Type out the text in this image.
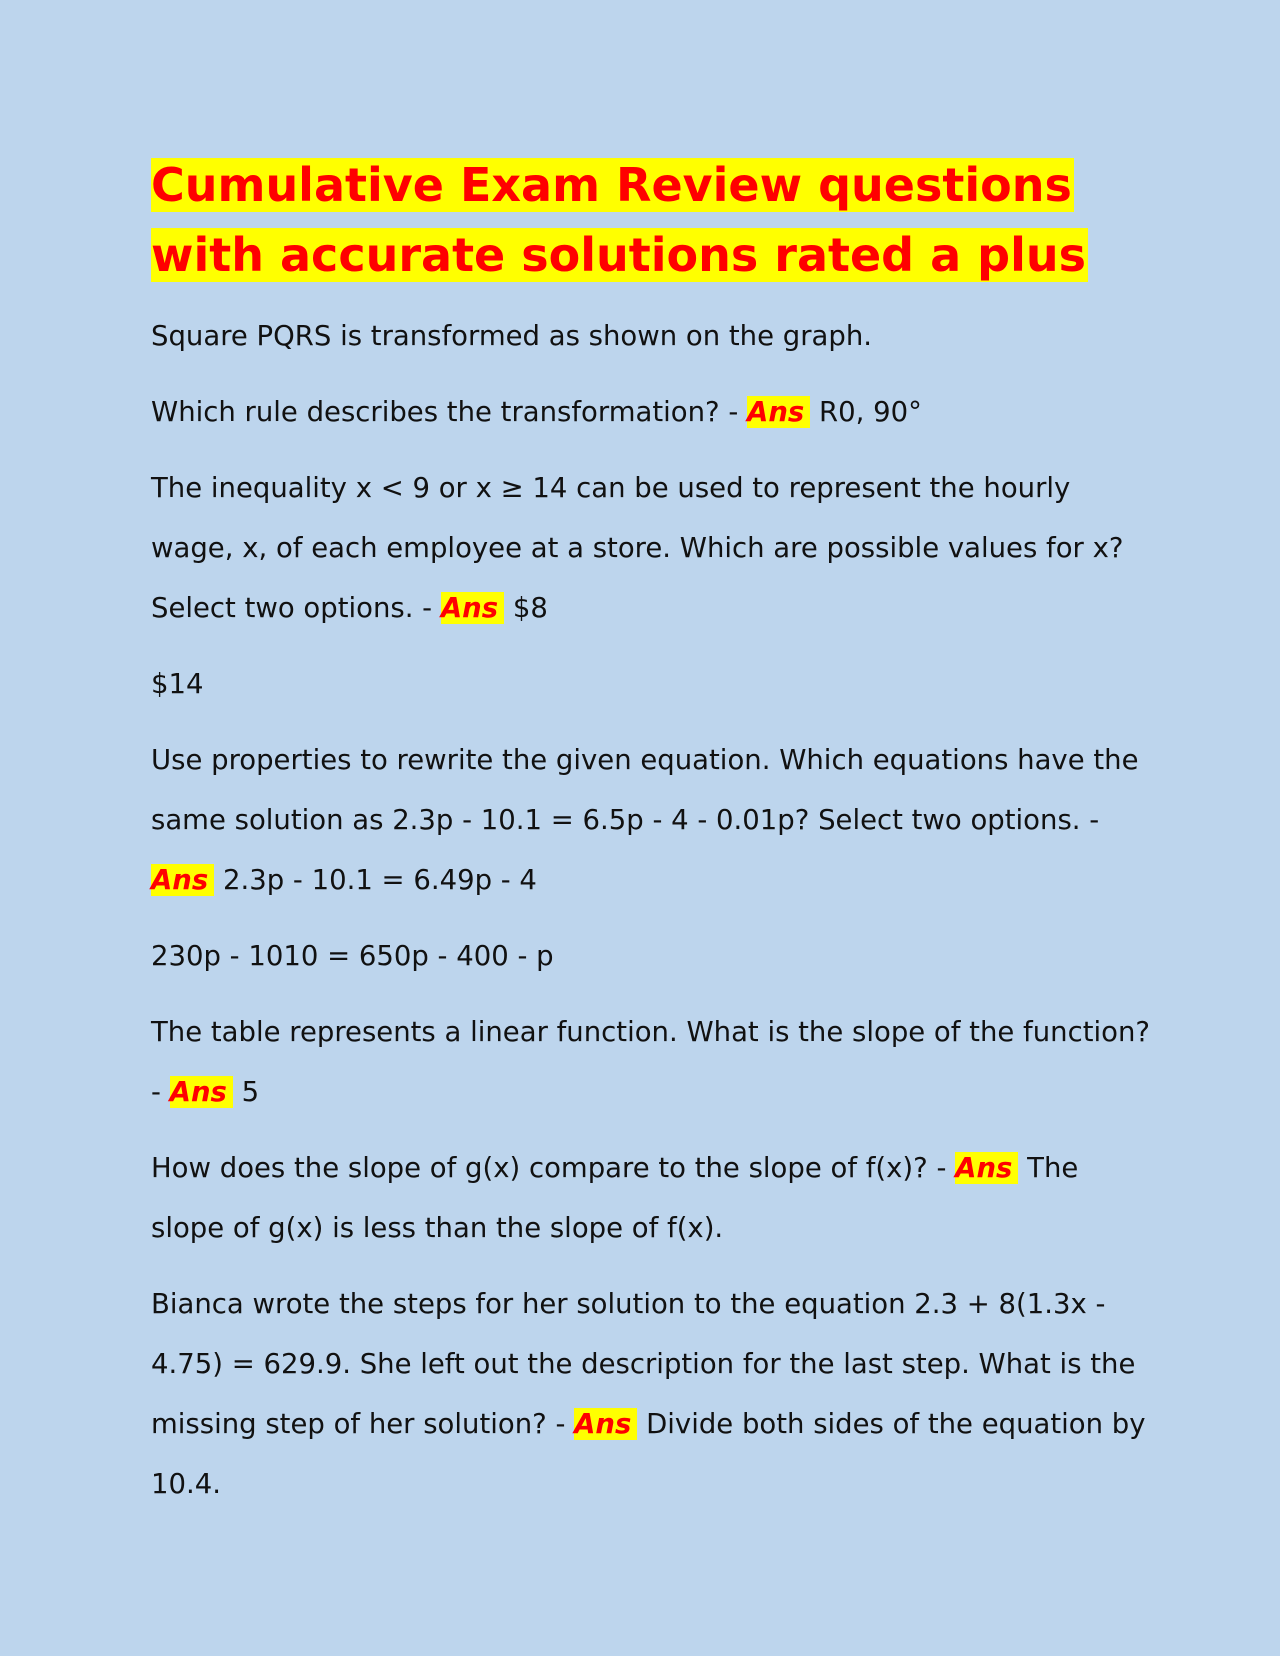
Cumulative Exam Review questions with accurate solutions rated a plus

Square PQRS is transformed as shown on the graph.

Which rule describes the transformation? - Ans R0, 90°

The inequality x < 9 or x ≥ 14 can be used to represent the hourly wage, x, of each employee at a store. Which are possible values for x? Select two options. - Ans $8

$14

Use properties to rewrite the given equation. Which equations have the same solution as 2.3p - 10.1 = 6.5p - 4 - 0.01p? Select two options. - Ans 2.3p - 10.1 = 6.49p - 4

230p - 1010 = 650p - 400 - p

The table represents a linear function. What is the slope of the function? - Ans 5

How does the slope of g(x) compare to the slope of f(x)? - Ans The slope of g(x) is less than the slope of f(x).

Bianca wrote the steps for her solution to the equation 2.3 + 8(1.3x - 4.75) = 629.9. She left out the description for the last step. What is the missing step of her solution? - Ans Divide both sides of the equation by 10.4.
